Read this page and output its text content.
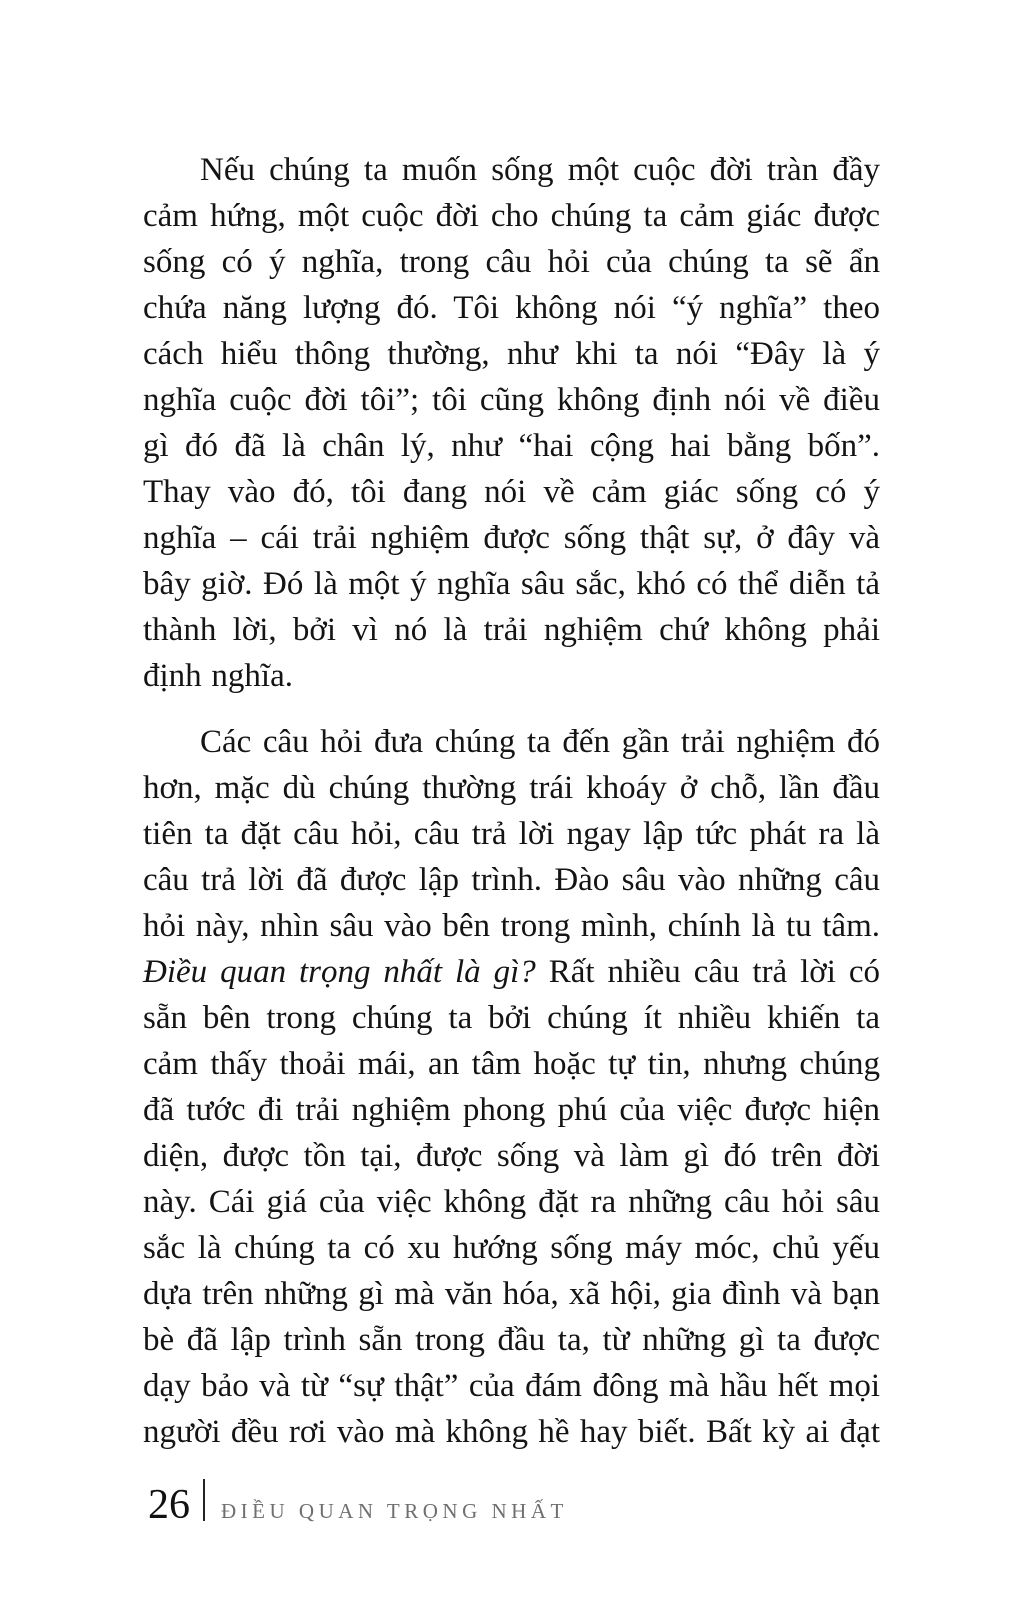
Nếu chúng ta muốn sống một cuộc đời tràn đầy cảm hứng, một cuộc đời cho chúng ta cảm giác được sống có ý nghĩa, trong câu hỏi của chúng ta sẽ ẩn chứa năng lượng đó. Tôi không nói “ý nghĩa” theo cách hiểu thông thường, như khi ta nói “Đây là ý nghĩa cuộc đời tôi”; tôi cũng không định nói về điều gì đó đã là chân lý, như “hai cộng hai bằng bốn”. Thay vào đó, tôi đang nói về cảm giác sống có ý nghĩa – cái trải nghiệm được sống thật sự, ở đây và bây giờ. Đó là một ý nghĩa sâu sắc, khó có thể diễn tả thành lời, bởi vì nó là trải nghiệm chứ không phải định nghĩa.

Các câu hỏi đưa chúng ta đến gần trải nghiệm đó hơn, mặc dù chúng thường trái khoáy ở chỗ, lần đầu tiên ta đặt câu hỏi, câu trả lời ngay lập tức phát ra là câu trả lời đã được lập trình. Đào sâu vào những câu hỏi này, nhìn sâu vào bên trong mình, chính là tu tâm. Điều quan trọng nhất là gì? Rất nhiều câu trả lời có sẵn bên trong chúng ta bởi chúng ít nhiều khiến ta cảm thấy thoải mái, an tâm hoặc tự tin, nhưng chúng đã tước đi trải nghiệm phong phú của việc được hiện diện, được tồn tại, được sống và làm gì đó trên đời này. Cái giá của việc không đặt ra những câu hỏi sâu sắc là chúng ta có xu hướng sống máy móc, chủ yếu dựa trên những gì mà văn hóa, xã hội, gia đình và bạn bè đã lập trình sẵn trong đầu ta, từ những gì ta được dạy bảo và từ “sự thật” của đám đông mà hầu hết mọi người đều rơi vào mà không hề hay biết. Bất kỳ ai đạt

26 ĐIỀU QUAN TRỌNG NHẤT
